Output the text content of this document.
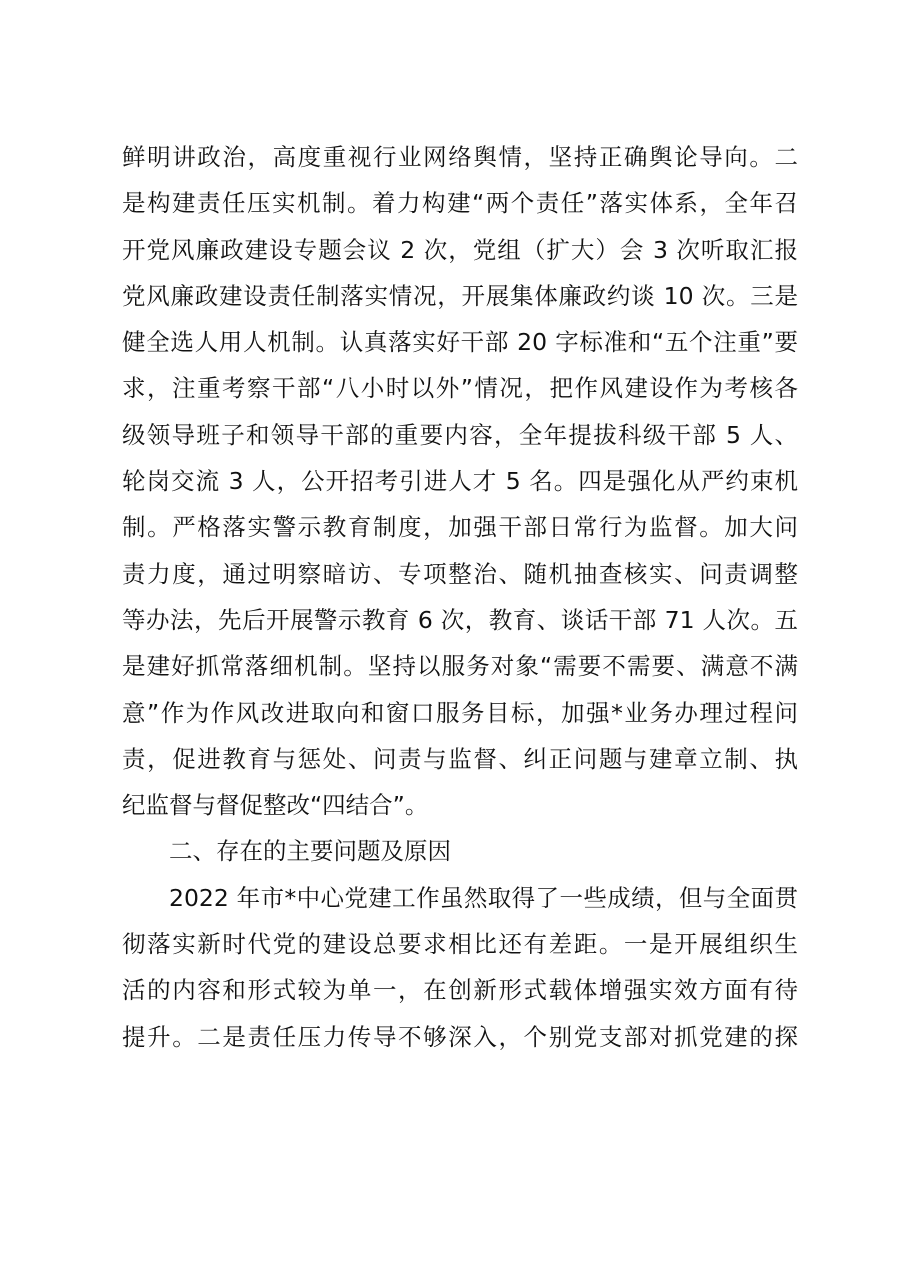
鲜明讲政治，高度重视行业网络舆情，坚持正确舆论导向。二
是构建责任压实机制。着力构建“两个责任”落实体系，全年召
开党风廉政建设专题会议 2 次，党组（扩大）会 3 次听取汇报
党风廉政建设责任制落实情况，开展集体廉政约谈 10 次。三是
健全选人用人机制。认真落实好干部 20 字标准和“五个注重”要
求，注重考察干部“八小时以外”情况，把作风建设作为考核各
级领导班子和领导干部的重要内容，全年提拔科级干部 5 人、
轮岗交流 3 人，公开招考引进人才 5 名。四是强化从严约束机
制。严格落实警示教育制度，加强干部日常行为监督。加大问
责力度，通过明察暗访、专项整治、随机抽查核实、问责调整
等办法，先后开展警示教育 6 次，教育、谈话干部 71 人次。五
是建好抓常落细机制。坚持以服务对象“需要不需要、满意不满
意”作为作风改进取向和窗口服务目标，加强*业务办理过程问
责，促进教育与惩处、问责与监督、纠正问题与建章立制、执
纪监督与督促整改“四结合”。
二、存在的主要问题及原因
2022 年市*中心党建工作虽然取得了一些成绩，但与全面贯
彻落实新时代党的建设总要求相比还有差距。一是开展组织生
活的内容和形式较为单一，在创新形式载体增强实效方面有待
提升。二是责任压力传导不够深入，个别党支部对抓党建的探
